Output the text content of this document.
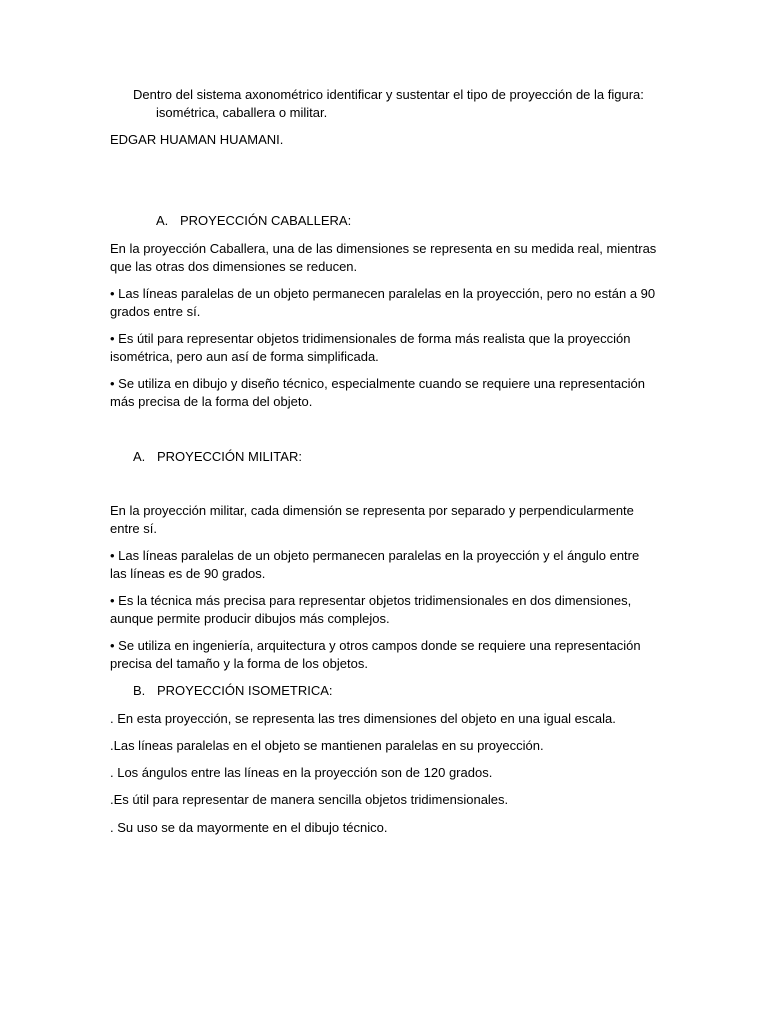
Dentro del sistema axonométrico identificar y sustentar el tipo de proyección de la figura:
isométrica, caballera o militar.
EDGAR HUAMAN HUAMANI.
A. PROYECCIÓN CABALLERA:
En la proyección Caballera, una de las dimensiones se representa en su medida real, mientras que las otras dos dimensiones se reducen.
• Las líneas paralelas de un objeto permanecen paralelas en la proyección, pero no están a 90 grados entre sí.
• Es útil para representar objetos tridimensionales de forma más realista que la proyección isométrica, pero aun así de forma simplificada.
• Se utiliza en dibujo y diseño técnico, especialmente cuando se requiere una representación más precisa de la forma del objeto.
A. PROYECCIÓN MILITAR:
En la proyección militar, cada dimensión se representa por separado y perpendicularmente entre sí.
• Las líneas paralelas de un objeto permanecen paralelas en la proyección y el ángulo entre las líneas es de 90 grados.
• Es la técnica más precisa para representar objetos tridimensionales en dos dimensiones, aunque permite producir dibujos más complejos.
• Se utiliza en ingeniería, arquitectura y otros campos donde se requiere una representación precisa del tamaño y la forma de los objetos.
B. PROYECCIÓN ISOMETRICA:
. En esta proyección, se representa las tres dimensiones del objeto en una igual escala.
.Las líneas paralelas en el objeto se mantienen paralelas en su proyección.
. Los ángulos entre las líneas en la proyección son de 120 grados.
.Es útil para representar de manera sencilla objetos tridimensionales.
. Su uso se da mayormente en el dibujo técnico.
